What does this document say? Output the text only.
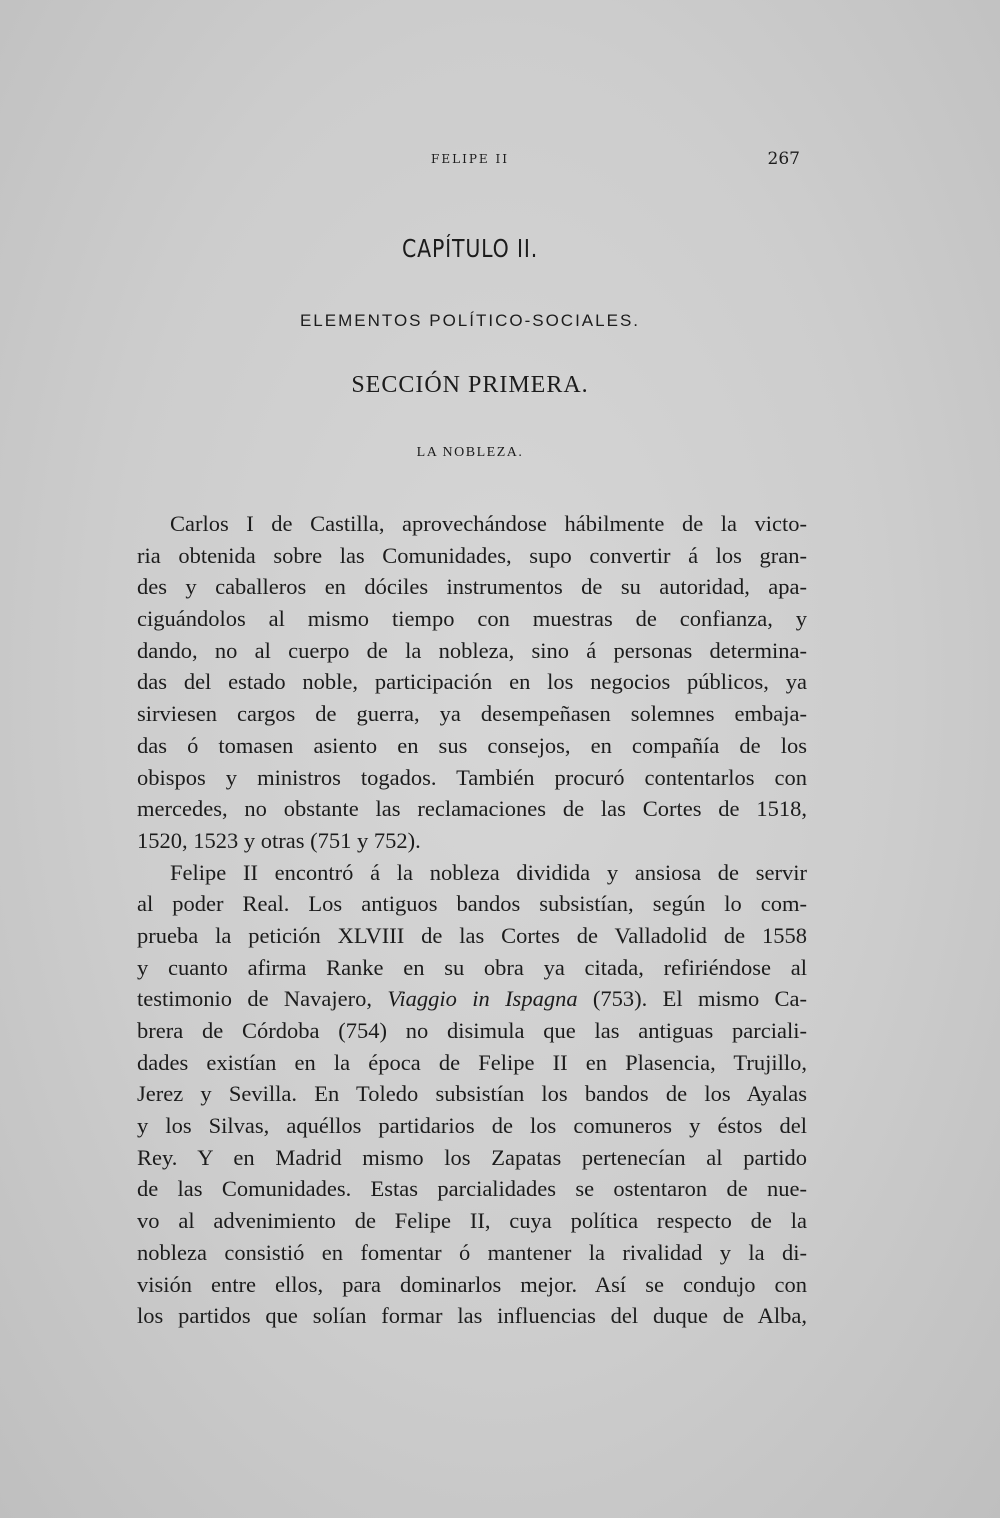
FELIPE II	267
CAPÍTULO II.
ELEMENTOS POLÍTICO-SOCIALES.
SECCIÓN PRIMERA.
LA NOBLEZA.
Carlos I de Castilla, aprovechándose hábilmente de la victo-
ria obtenida sobre las Comunidades, supo convertir á los gran-
des y caballeros en dóciles instrumentos de su autoridad, apa-
ciguándolos al mismo tiempo con muestras de confianza, y
dando, no al cuerpo de la nobleza, sino á personas determina-
das del estado noble, participación en los negocios públicos, ya
sirviesen cargos de guerra, ya desempeñasen solemnes embaja-
das ó tomasen asiento en sus consejos, en compañía de los
obispos y ministros togados. También procuró contentarlos con
mercedes, no obstante las reclamaciones de las Cortes de 1518,
1520, 1523 y otras (751 y 752).
Felipe II encontró á la nobleza dividida y ansiosa de servir
al poder Real. Los antiguos bandos subsistían, según lo com-
prueba la petición XLVIII de las Cortes de Valladolid de 1558
y cuanto afirma Ranke en su obra ya citada, refiriéndose al
testimonio de Navajero, Viaggio in Ispagna (753). El mismo Ca-
brera de Córdoba (754) no disimula que las antiguas parciali-
dades existían en la época de Felipe II en Plasencia, Trujillo,
Jerez y Sevilla. En Toledo subsistían los bandos de los Ayalas
y los Silvas, aquéllos partidarios de los comuneros y éstos del
Rey. Y en Madrid mismo los Zapatas pertenecían al partido
de las Comunidades. Estas parcialidades se ostentaron de nue-
vo al advenimiento de Felipe II, cuya política respecto de la
nobleza consistió en fomentar ó mantener la rivalidad y la di-
visión entre ellos, para dominarlos mejor. Así se condujo con
los partidos que solían formar las influencias del duque de Alba,
